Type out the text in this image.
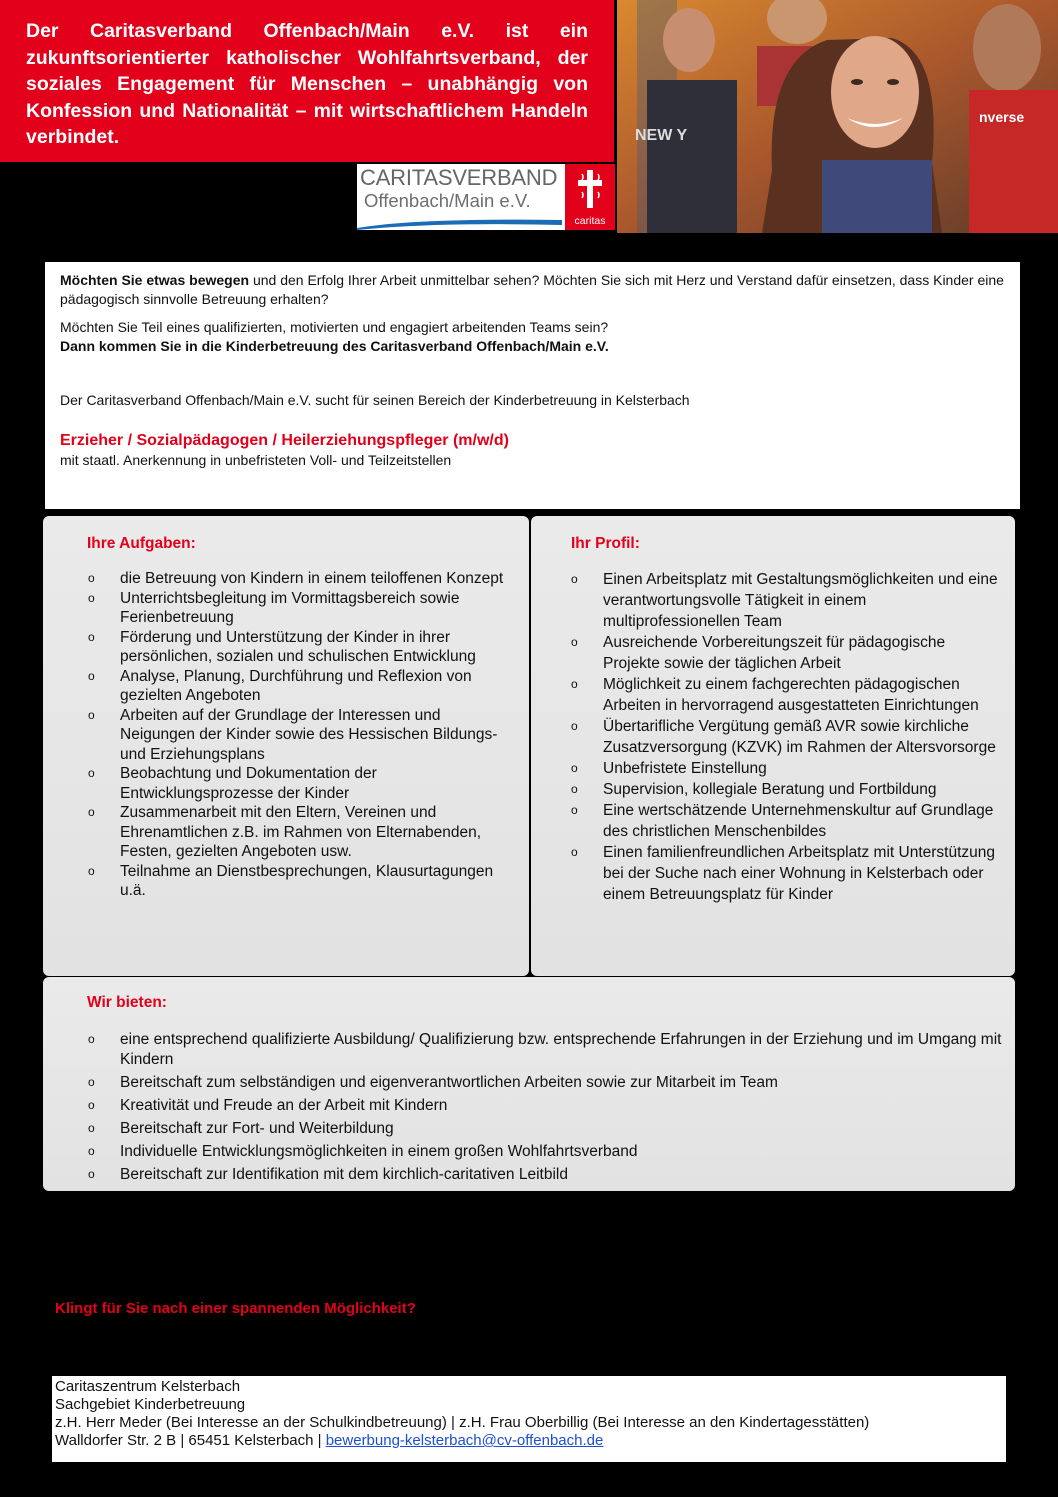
Der Caritasverband Offenbach/Main e.V. ist ein zukunftsorientierter katholischer Wohlfahrtsverband, der soziales Engagement für Menschen – unabhängig von Konfession und Nationalität – mit wirtschaftlichem Handeln verbindet.

CARITASVERBAND
Offenbach/Main e.V.
caritas
nverse
NEW Y

Möchten Sie etwas bewegen und den Erfolg Ihrer Arbeit unmittelbar sehen? Möchten Sie sich mit Herz und Verstand dafür einsetzen, dass Kinder eine pädagogisch sinnvolle Betreuung erhalten?

Möchten Sie Teil eines qualifizierten, motivierten und engagiert arbeitenden Teams sein?

Dann kommen Sie in die Kinderbetreuung des Caritasverband Offenbach/Main e.V.

Der Caritasverband Offenbach/Main e.V. sucht für seinen Bereich der Kinderbetreuung in Kelsterbach

Erzieher / Sozialpädagogen / Heilerziehungspfleger (m/w/d)

mit staatl. Anerkennung in unbefristeten Voll- und Teilzeitstellen

Ihre Aufgaben:
o die Betreuung von Kindern in einem teiloffenen Konzept
o Unterrichtsbegleitung im Vormittagsbereich sowie Ferienbetreuung
o Förderung und Unterstützung der Kinder in ihrer persönlichen, sozialen und schulischen Entwicklung
o Analyse, Planung, Durchführung und Reflexion von gezielten Angeboten
o Arbeiten auf der Grundlage der Interessen und Neigungen der Kinder sowie des Hessischen Bildungs- und Erziehungsplans
o Beobachtung und Dokumentation der Entwicklungsprozesse der Kinder
o Zusammenarbeit mit den Eltern, Vereinen und Ehrenamtlichen z.B. im Rahmen von Elternabenden, Festen, gezielten Angeboten usw.
o Teilnahme an Dienstbesprechungen, Klausurtagungen u.ä.
Ihr Profil:
o Einen Arbeitsplatz mit Gestaltungsmöglichkeiten und eine verantwortungsvolle Tätigkeit in einem multiprofessionellen Team
o Ausreichende Vorbereitungszeit für pädagogische Projekte sowie der täglichen Arbeit
o Möglichkeit zu einem fachgerechten pädagogischen Arbeiten in hervorragend ausgestatteten Einrichtungen
o Übertarifliche Vergütung gemäß AVR sowie kirchliche Zusatzversorgung (KZVK) im Rahmen der Altersvorsorge
o Unbefristete Einstellung
o Supervision, kollegiale Beratung und Fortbildung
o Eine wertschätzende Unternehmenskultur auf Grundlage des christlichen Menschenbildes
o Einen familienfreundlichen Arbeitsplatz mit Unterstützung bei der Suche nach einer Wohnung in Kelsterbach oder einem Betreuungsplatz für Kinder
Wir bieten:
o eine entsprechend qualifizierte Ausbildung/ Qualifizierung bzw. entsprechende Erfahrungen in der Erziehung und im Umgang mit Kindern
o Bereitschaft zum selbständigen und eigenverantwortlichen Arbeiten sowie zur Mitarbeit im Team
o Kreativität und Freude an der Arbeit mit Kindern
o Bereitschaft zur Fort- und Weiterbildung
o Individuelle Entwicklungsmöglichkeiten in einem großen Wohlfahrtsverband
o Bereitschaft zur Identifikation mit dem kirchlich-caritativen Leitbild
Klingt für Sie nach einer spannenden Möglichkeit?
Caritaszentrum Kelsterbach
Sachgebiet Kinderbetreuung
z.H. Herr Meder (Bei Interesse an der Schulkindbetreuung) | z.H. Frau Oberbillig (Bei Interesse an den Kindertagesstätten)
Walldorfer Str. 2 B | 65451 Kelsterbach | bewerbung-kelsterbach@cv-offenbach.de
